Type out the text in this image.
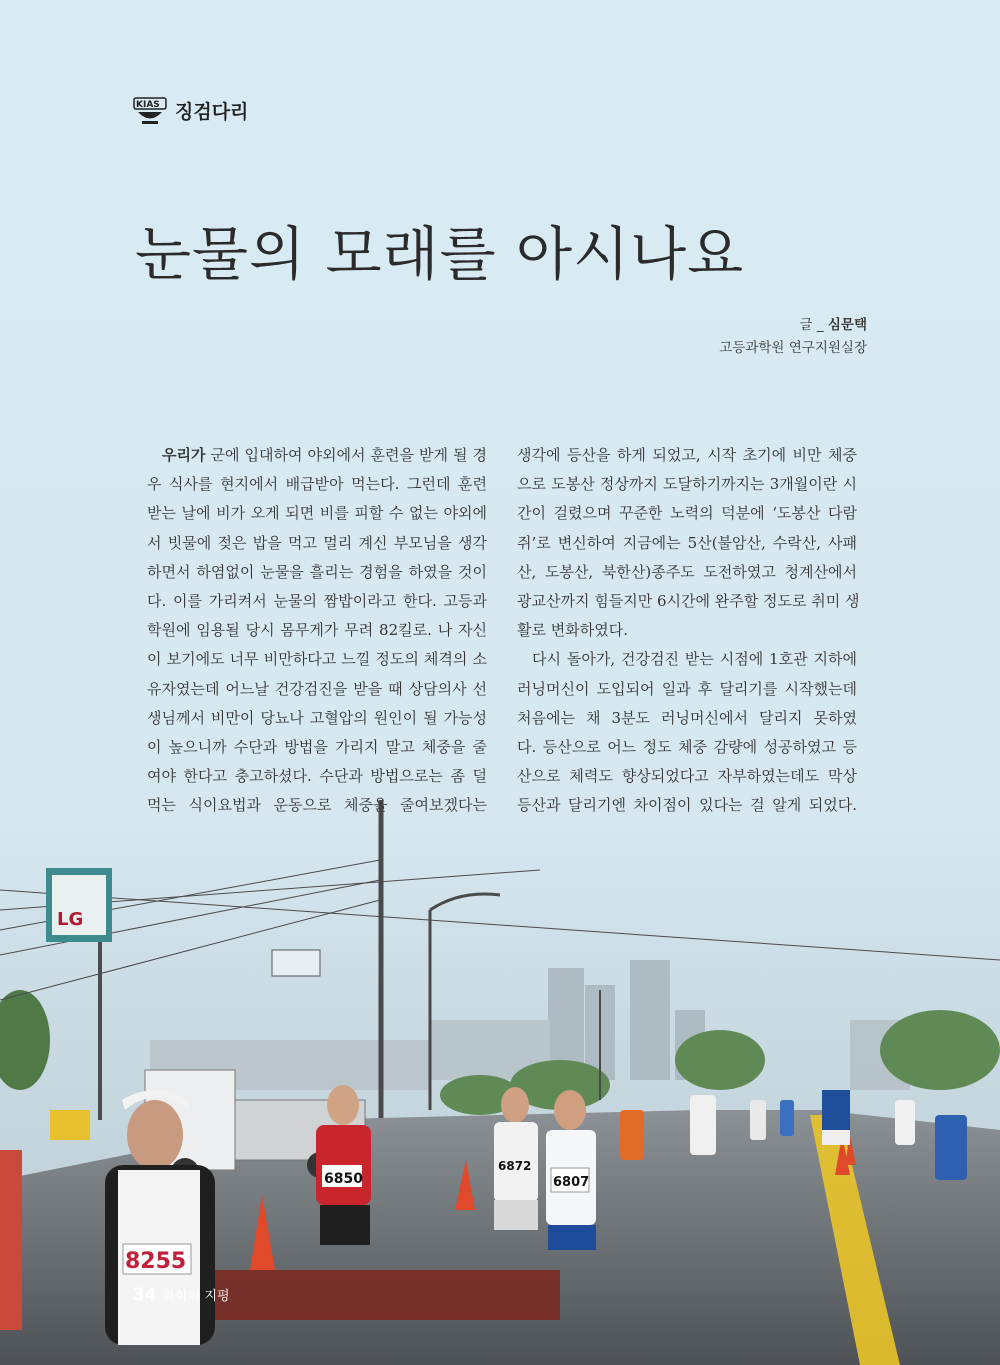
LG
8255
6850	6807
6872
KIAS 징검다리
눈물의 모래를 아시나요
글 _ 심문택
고등과학원 연구지원실장
 우리가 군에 입대하여 야외에서 훈련을 받게 될 경
우 식사를 현지에서 배급받아 먹는다. 그런데 훈련
받는 날에 비가 오게 되면 비를 피할 수 없는 야외에
서 빗물에 젖은 밥을 먹고 멀리 계신 부모님을 생각
하면서 하염없이 눈물을 흘리는 경험을 하였을 것이
다. 이를 가리켜서 눈물의 짬밥이라고 한다. 고등과
학원에 임용될 당시 몸무게가 무려 82킬로. 나 자신
이 보기에도 너무 비만하다고 느낄 정도의 체격의 소
유자였는데 어느날 건강검진을 받을 때 상담의사 선
생님께서 비만이 당뇨나 고혈압의 원인이 될 가능성
이 높으니까 수단과 방법을 가리지 말고 체중을 줄
여야 한다고 충고하셨다. 수단과 방법으로는 좀 덜
먹는 식이요법과 운동으로 체중을 줄여보겠다는
생각에 등산을 하게 되었고, 시작 초기에 비만 체중
으로 도봉산 정상까지 도달하기까지는 3개월이란 시
간이 걸렸으며 꾸준한 노력의 덕분에 ‘도봉산 다람
쥐’로 변신하여 지금에는 5산(불암산, 수락산, 사패
산, 도봉산, 북한산)종주도 도전하였고 청계산에서
광교산까지 힘들지만 6시간에 완주할 정도로 취미 생
활로 변화하였다.
 다시 돌아가, 건강검진 받는 시점에 1호관 지하에
러닝머신이 도입되어 일과 후 달리기를 시작했는데
처음에는 채 3분도 러닝머신에서 달리지 못하였
다. 등산으로 어느 정도 체중 감량에 성공하였고 등
산으로 체력도 향상되었다고 자부하였는데도 막상
등산과 달리기엔 차이점이 있다는 걸 알게 되었다.
34 과학의 지평
